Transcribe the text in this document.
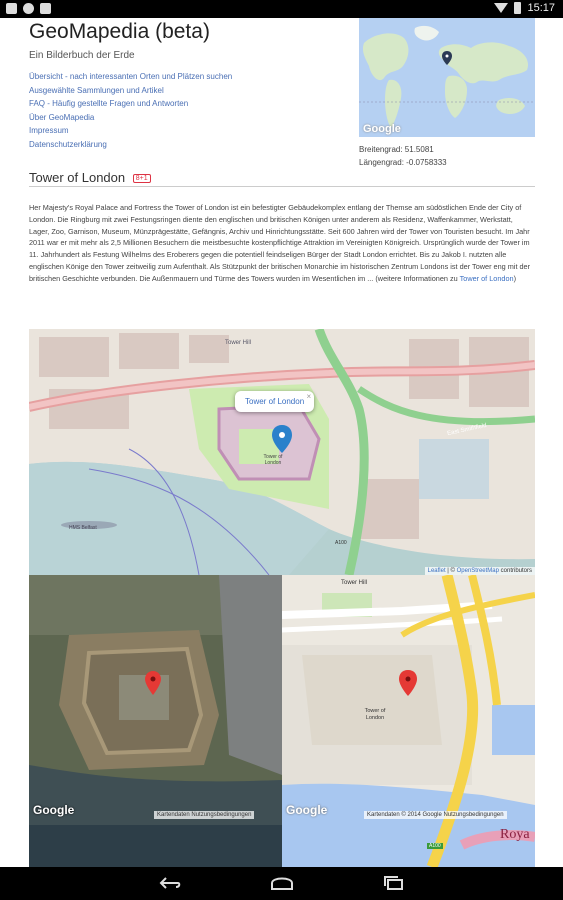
15:17
GeoMapedia (beta)
Ein Bilderbuch der Erde
Übersicht - nach interessanten Orten und Plätzen suchen
Ausgewählte Sammlungen und Artikel
FAQ - Häufig gestellte Fragen und Antworten
Über GeoMapedia
Impressum
Datenschutzerklärung
Google
Breitengrad: 51.5081
Längengrad: -0.0758333
Tower of London 8+1
Her Majesty's Royal Palace and Fortress the Tower of London ist ein befestigter Gebäudekomplex entlang der Themse am südöstlichen Ende der City of London. Die Ringburg mit zwei Festungsringen diente den englischen und britischen Königen unter anderem als Residenz, Waffenkammer, Werkstatt, Lager, Zoo, Garnison, Museum, Münzprägestätte, Gefängnis, Archiv und Hinrichtungsstätte. Seit 600 Jahren wird der Tower von Touristen besucht. Im Jahr 2011 war er mit mehr als 2,5 Millionen Besuchern die meistbesuchte kostenpflichtige Attraktion im Vereinigten Königreich. Ursprünglich wurde der Tower im 11. Jahrhundert als Festung Wilhelms des Eroberers gegen die potentiell feindseligen Bürger der Stadt London errichtet. Bis zu Jakob I. nutzten alle englischen Könige den Tower zeitweilig zum Aufenthalt. Als Stützpunkt der britischen Monarchie im historischen Zentrum Londons ist der Tower eng mit der britischen Geschichte verbunden. Die Außenmauern und Türme des Towers wurden im Wesentlichen im ... (weitere Informationen zu Tower of London)
Tower Hill
Tower of London
East Smithfield
HMS Belfast
A100
Tower of London
×
Leaflet | © OpenStreetMap contributors
Google	Kartendaten Nutzungsbedingungen
Tower Hill
Tower of London
A100
Roya
Google	Kartendaten © 2014 Google Nutzungsbedingungen
